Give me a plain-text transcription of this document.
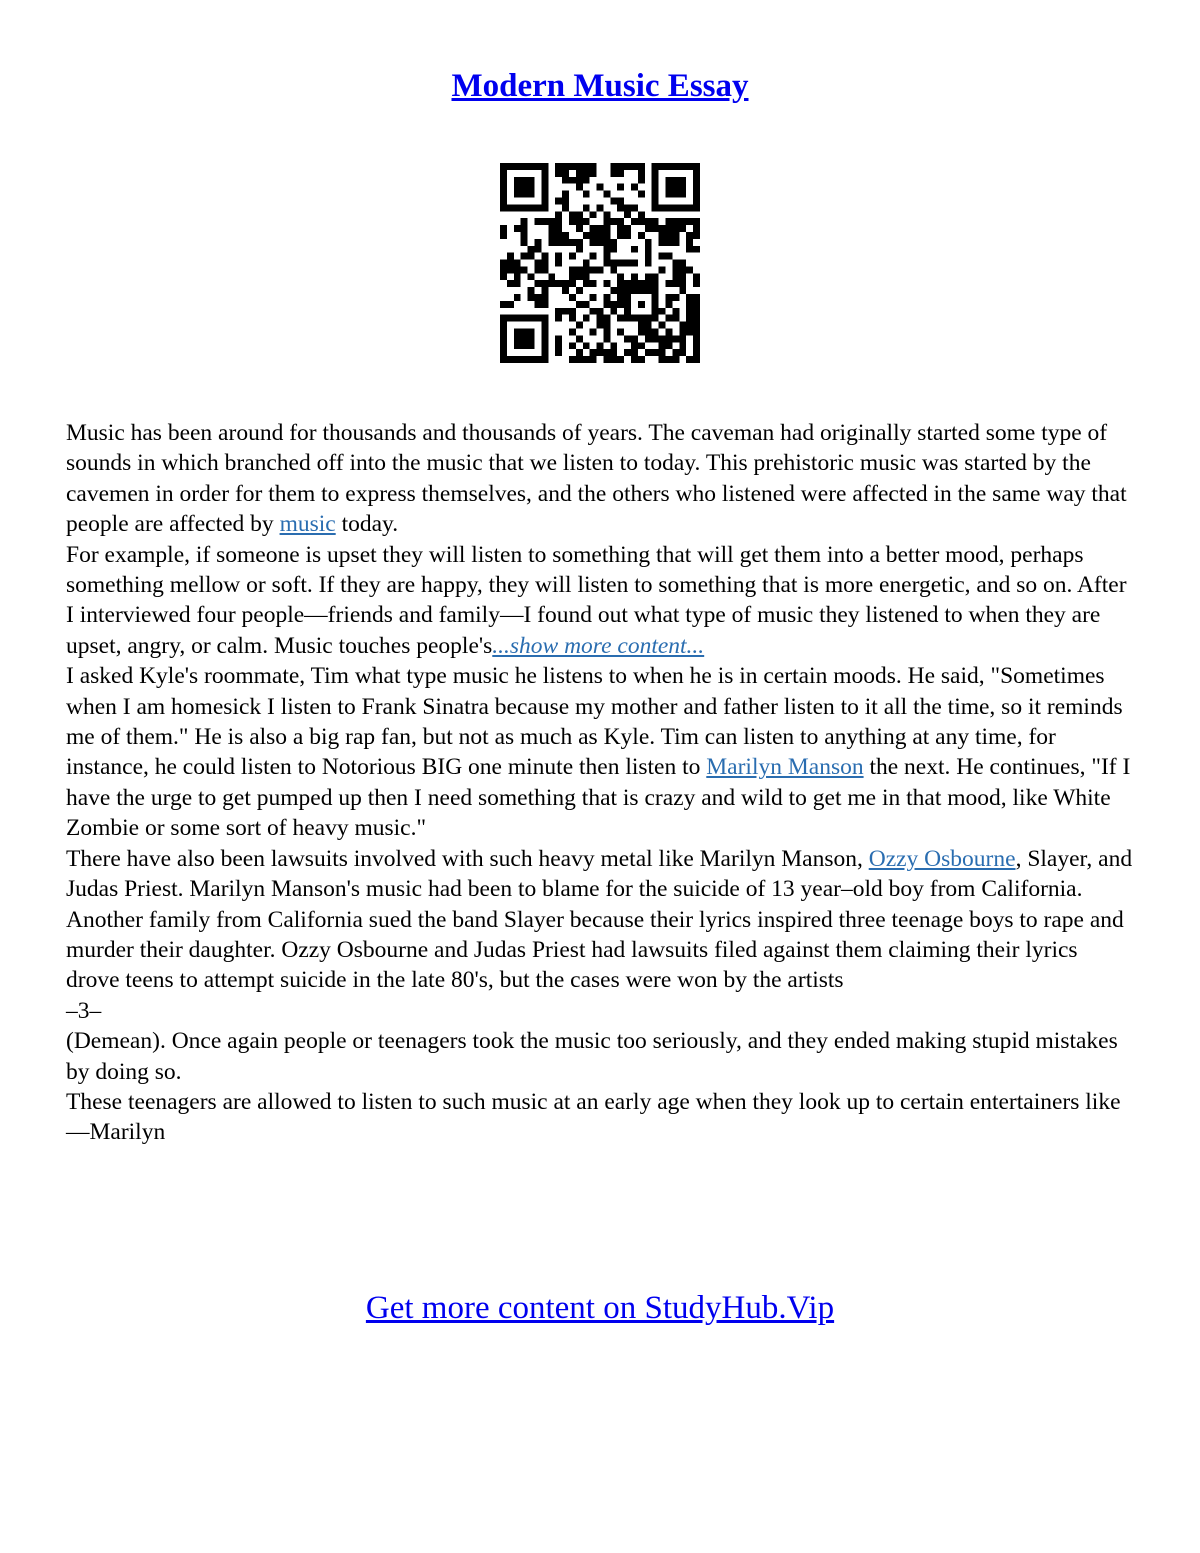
Modern Music Essay

Music has been around for thousands and thousands of years. The caveman had originally started some type of sounds in which branched off into the music that we listen to today. This prehistoric music was started by the cavemen in order for them to express themselves, and the others who listened were affected in the same way that people are affected by music today.

For example, if someone is upset they will listen to something that will get them into a better mood, perhaps something mellow or soft. If they are happy, they will listen to something that is more energetic, and so on. After I interviewed four people—friends and family—I found out what type of music they listened to when they are upset, angry, or calm. Music touches people's...show more content...

I asked Kyle's roommate, Tim what type music he listens to when he is in certain moods. He said, "Sometimes when I am homesick I listen to Frank Sinatra because my mother and father listen to it all the time, so it reminds me of them." He is also a big rap fan, but not as much as Kyle. Tim can listen to anything at any time, for instance, he could listen to Notorious BIG one minute then listen to Marilyn Manson the next. He continues, "If I have the urge to get pumped up then I need something that is crazy and wild to get me in that mood, like White Zombie or some sort of heavy music."

There have also been lawsuits involved with such heavy metal like Marilyn Manson, Ozzy Osbourne, Slayer, and Judas Priest. Marilyn Manson's music had been to blame for the suicide of 13 year–old boy from California. Another family from California sued the band Slayer because their lyrics inspired three teenage boys to rape and murder their daughter. Ozzy Osbourne and Judas Priest had lawsuits filed against them claiming their lyrics drove teens to attempt suicide in the late 80's, but the cases were won by the artists

–3–

(Demean). Once again people or teenagers took the music too seriously, and they ended making stupid mistakes by doing so.

These teenagers are allowed to listen to such music at an early age when they look up to certain entertainers like—Marilyn

Get more content on StudyHub.Vip
